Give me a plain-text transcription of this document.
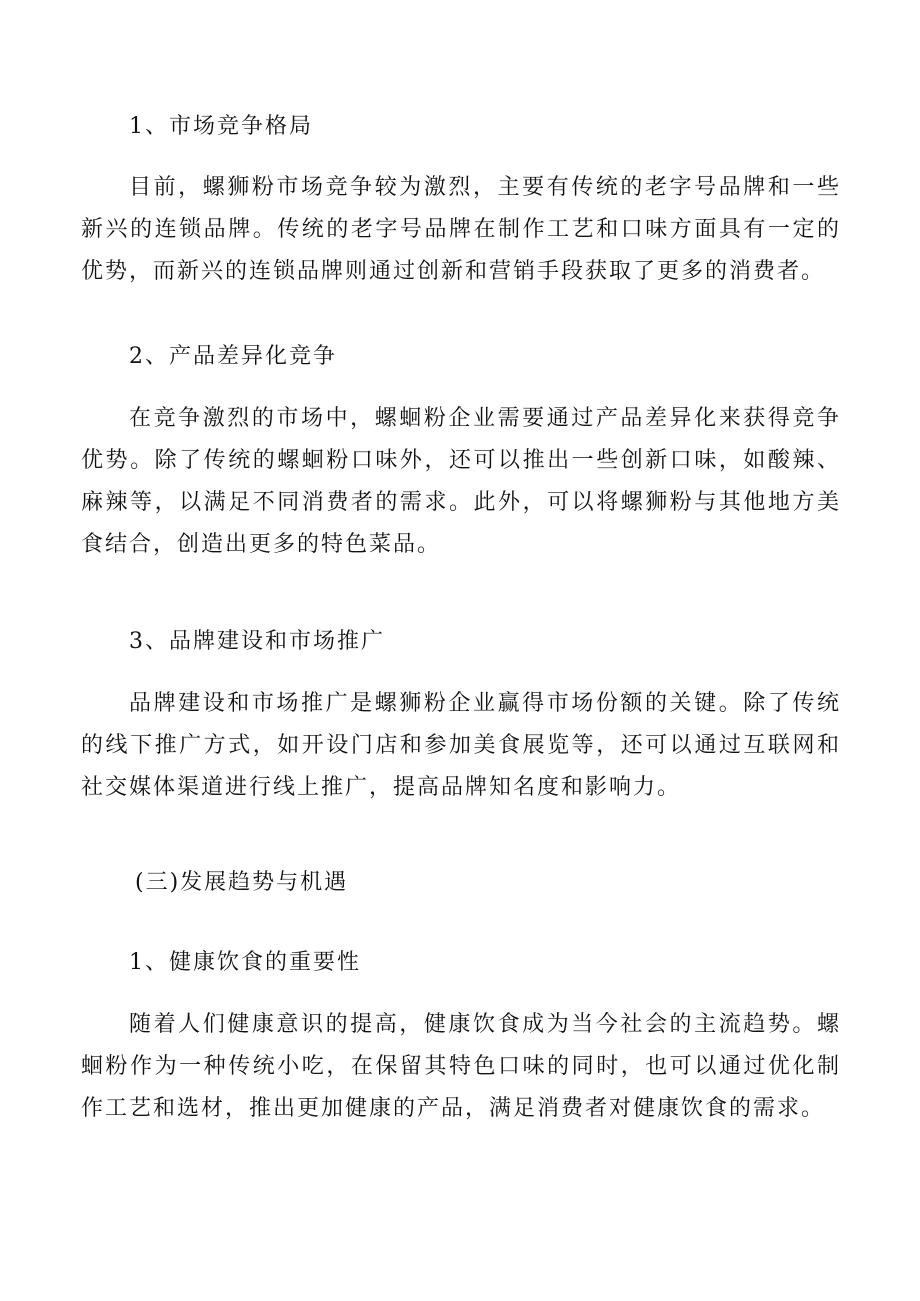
1、市场竞争格局
目前，螺狮粉市场竞争较为激烈，主要有传统的老字号品牌和一些新兴的连锁品牌。传统的老字号品牌在制作工艺和口味方面具有一定的优势，而新兴的连锁品牌则通过创新和营销手段获取了更多的消费者。
2、产品差异化竞争
在竞争激烈的市场中，螺蛔粉企业需要通过产品差异化来获得竞争优势。除了传统的螺蛔粉口味外，还可以推出一些创新口味，如酸辣、麻辣等，以满足不同消费者的需求。此外，可以将螺狮粉与其他地方美食结合，创造出更多的特色菜品。
3、品牌建设和市场推广
品牌建设和市场推广是螺狮粉企业赢得市场份额的关键。除了传统的线下推广方式，如开设门店和参加美食展览等，还可以通过互联网和社交媒体渠道进行线上推广，提高品牌知名度和影响力。
(三)发展趋势与机遇
1、健康饮食的重要性
随着人们健康意识的提高，健康饮食成为当今社会的主流趋势。螺蛔粉作为一种传统小吃，在保留其特色口味的同时，也可以通过优化制作工艺和选材，推出更加健康的产品，满足消费者对健康饮食的需求。
